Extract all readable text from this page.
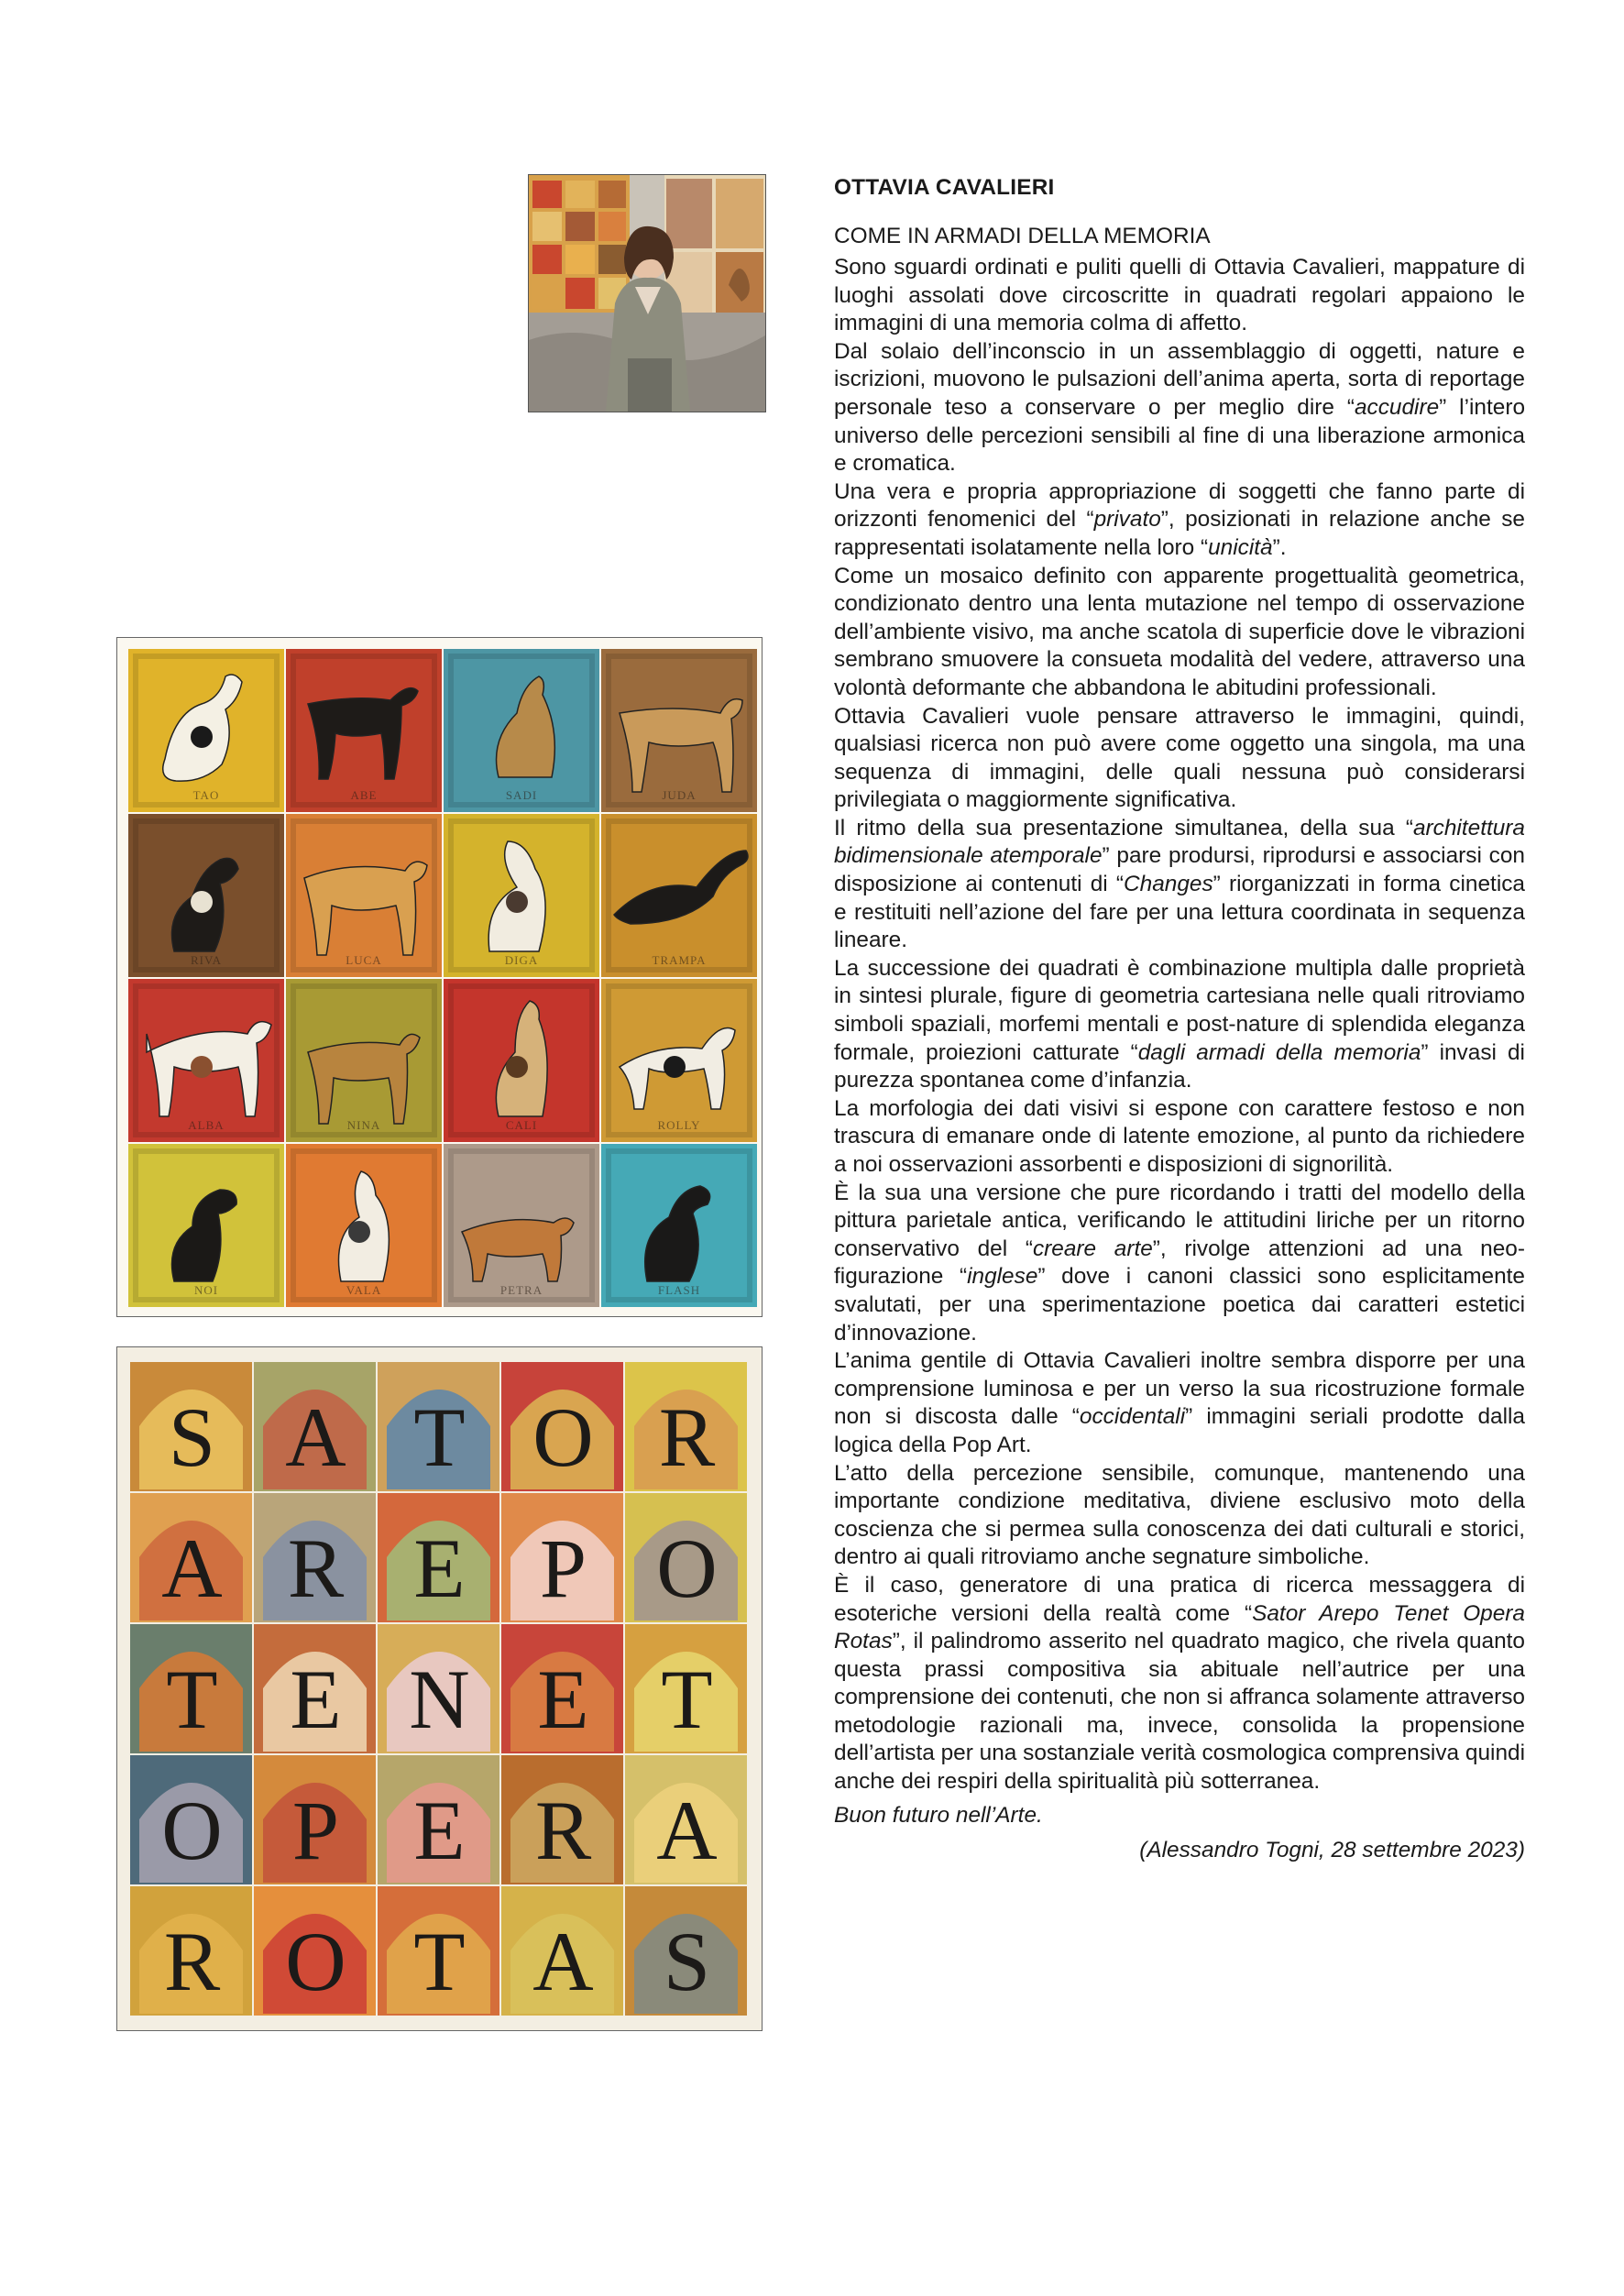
TAO	ABE	SADI	JUDA
RIVA	LUCA	DIGA	TRAMPA
ALBA	NINA	CALI	ROLLY
NOI	VALA	PETRA	FLASH
S A T O R
A R E P O
T E N E T
O P E R A
R O T A S
OTTAVIA CAVALIERI
COME IN ARMADI DELLA MEMORIA

Sono sguardi ordinati e puliti quelli di Ottavia Cavalieri, mappature di luoghi assolati dove circoscritte in quadrati regolari appaiono le immagini di una memoria colma di affetto.

Dal solaio dell’inconscio in un assemblaggio di oggetti, nature e iscrizioni, muovono le pulsazioni dell’anima aperta, sorta di reportage personale teso a conservare o per meglio dire “accudire” l’intero universo delle percezioni sensibili al fine di una liberazione armonica e cromatica.

Una vera e propria appropriazione di soggetti che fanno parte di orizzonti fenomenici del “privato”, posizionati in relazione anche se rappresentati isolatamente nella loro “unicità”.

Come un mosaico definito con apparente progettualità geometrica, condizionato dentro una lenta mutazione nel tempo di osservazione dell’ambiente visivo, ma anche scatola di superficie dove le vibrazioni sembrano smuovere la consueta modalità del vedere, attraverso una volontà deformante che abbandona le abitudini professionali.

Ottavia Cavalieri vuole pensare attraverso le immagini, quindi, qualsiasi ricerca non può avere come oggetto una singola, ma una sequenza di immagini, delle quali nessuna può considerarsi privilegiata o maggiormente significativa.

Il ritmo della sua presentazione simultanea, della sua “architettura bidimensionale atemporale” pare prodursi, riprodursi e associarsi con disposizione ai contenuti di “Changes” riorganizzati in forma cinetica e restituiti nell’azione del fare per una lettura coordinata in sequenza lineare.

La successione dei quadrati è combinazione multipla dalle proprietà in sintesi plurale, figure di geometria cartesiana nelle quali ritroviamo simboli spaziali, morfemi mentali e post-nature di splendida eleganza formale, proiezioni catturate “dagli armadi della memoria” invasi di purezza spontanea come d’infanzia.

La morfologia dei dati visivi si espone con carattere festoso e non trascura di emanare onde di latente emozione, al punto da richiedere a noi osservazioni assorbenti e disposizioni di signorilità.

È la sua una versione che pure ricordando i tratti del modello della pittura parietale antica, verificando le attitudini liriche per un ritorno conservativo del “creare arte”, rivolge attenzioni ad una neo-figurazione “inglese” dove i canoni classici sono esplicitamente svalutati, per una sperimentazione poetica dai caratteri estetici d’innovazione.

L’anima gentile di Ottavia Cavalieri inoltre sembra disporre per una comprensione luminosa e per un verso la sua ricostruzione formale non si discosta dalle “occidentali” immagini seriali prodotte dalla logica della Pop Art.

L’atto della percezione sensibile, comunque, mantenendo una importante condizione meditativa, diviene esclusivo moto della coscienza che si permea sulla conoscenza dei dati culturali e storici, dentro ai quali ritroviamo anche segnature simboliche.

È il caso, generatore di una pratica di ricerca messaggera di esoteriche versioni della realtà come “Sator Arepo Tenet Opera Rotas”, il palindromo asserito nel quadrato magico, che rivela quanto questa prassi compositiva sia abituale nell’autrice per una comprensione dei contenuti, che non si affranca solamente attraverso metodologie razionali ma, invece, consolida la propensione dell’artista per una sostanziale verità cosmologica comprensiva quindi anche dei respiri della spiritualità più sotterranea.

Buon futuro nell’Arte.

(Alessandro Togni, 28 settembre 2023)
